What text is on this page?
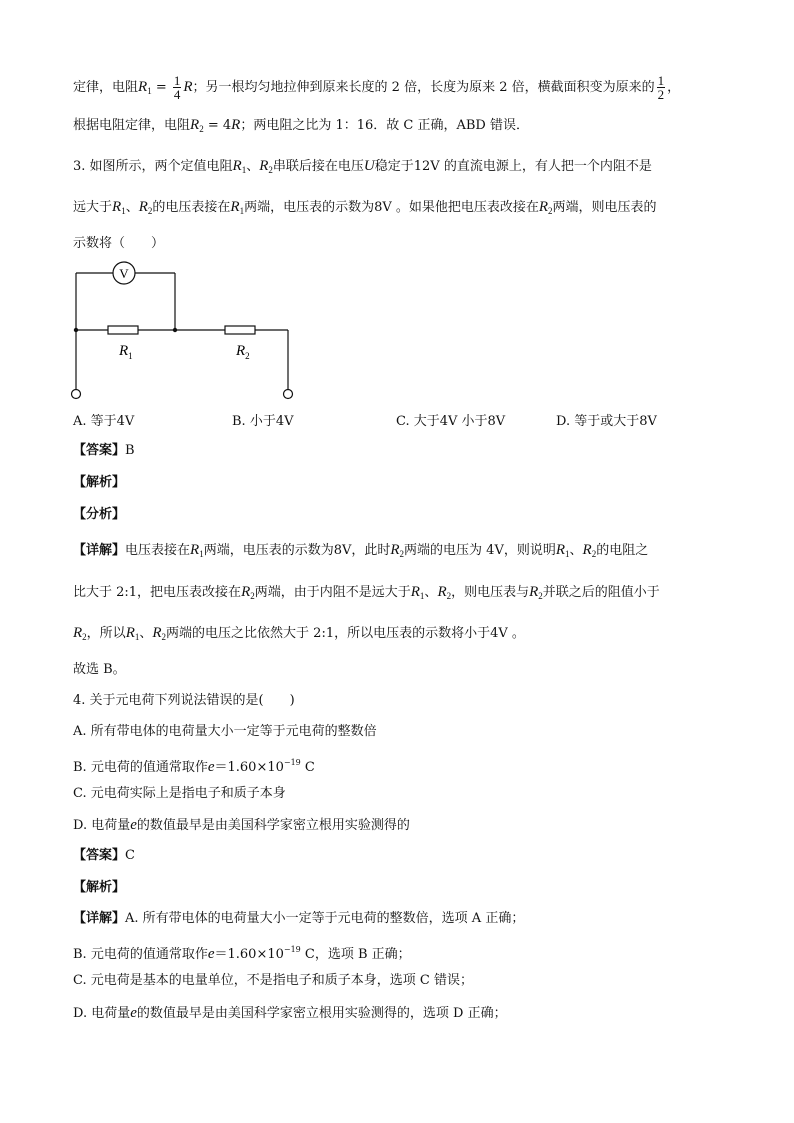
定律，电阻$R_1 = \frac{1}{4}$ R；另一根均匀地拉伸到原来长度的 2 倍，长度为原来 2 倍，横截面积变为原来的 $\frac{1}{2}$ ，
根据电阻定律，电阻$R_2 = 4R$；两电阻之比为 1：16．故 C 正确，ABD 错误．
3. 如图所示，两个定值电阻$R_1$、$R_2$串联后接在电压U稳定于12V 的直流电源上，有人把一个内阻不是
远大于$R_1$、$R_2$的电压表接在$R_1$两端，电压表的示数为8V 。如果他把电压表改接在$R_2$两端，则电压表的
示数将（　　）
V
$R_1$	$R_2$
A. 等于4V	B. 小于4V	C. 大于4V 小于8V	D. 等于或大于8V
【答案】B
【解析】
【分析】
【详解】电压表接在$R_1$两端，电压表的示数为8V，此时$R_2$两端的电压为 4V，则说明$R_1$、$R_2$的电阻之
比大于 2:1，把电压表改接在$R_2$两端，由于内阻不是远大于$R_1$、$R_2$，则电压表与$R_2$并联之后的阻值小于
$R_2$，所以$R_1$、$R_2$两端的电压之比依然大于 2:1，所以电压表的示数将小于4V 。
故选 B。
4. 关于元电荷下列说法错误的是(　　)
A. 所有带电体的电荷量大小一定等于元电荷的整数倍
B. 元电荷的值通常取作$e=1.60\times 10^{-19}$ C
C. 元电荷实际上是指电子和质子本身
D. 电荷量e的数值最早是由美国科学家密立根用实验测得的
【答案】C
【解析】
【详解】A. 所有带电体的电荷量大小一定等于元电荷的整数倍，选项 A 正确；
B. 元电荷的值通常取作$e=1.60\times 10^{-19}$ C，选项 B 正确；
C. 元电荷是基本的电量单位，不是指电子和质子本身，选项 C 错误；
D. 电荷量e的数值最早是由美国科学家密立根用实验测得的，选项 D 正确；
